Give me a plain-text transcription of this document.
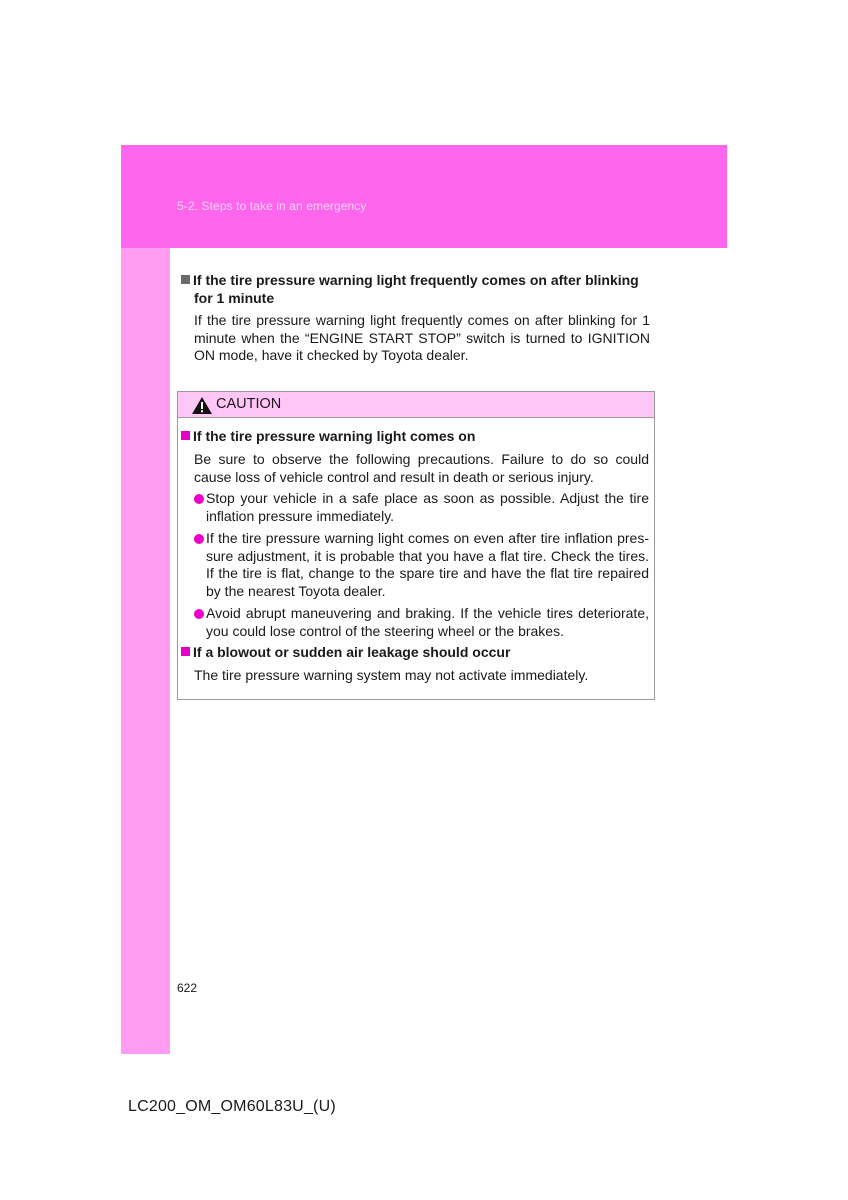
5-2. Steps to take in an emergency
If the tire pressure warning light frequently comes on after blinking
for 1 minute
If the tire pressure warning light frequently comes on after blinking for 1 minute when the “ENGINE START STOP” switch is turned to IGNITION ON mode, have it checked by Toyota dealer.
CAUTION
If the tire pressure warning light comes on
Be sure to observe the following precautions. Failure to do so could cause loss of vehicle control and result in death or serious injury.
Stop your vehicle in a safe place as soon as possible. Adjust the tire inflation pressure immediately.
If the tire pressure warning light comes on even after tire inflation pres-sure adjustment, it is probable that you have a flat tire. Check the tires. If the tire is flat, change to the spare tire and have the flat tire repaired by the nearest Toyota dealer.
Avoid abrupt maneuvering and braking. If the vehicle tires deteriorate, you could lose control of the steering wheel or the brakes.
If a blowout or sudden air leakage should occur
The tire pressure warning system may not activate immediately.
622
LC200_OM_OM60L83U_(U)
